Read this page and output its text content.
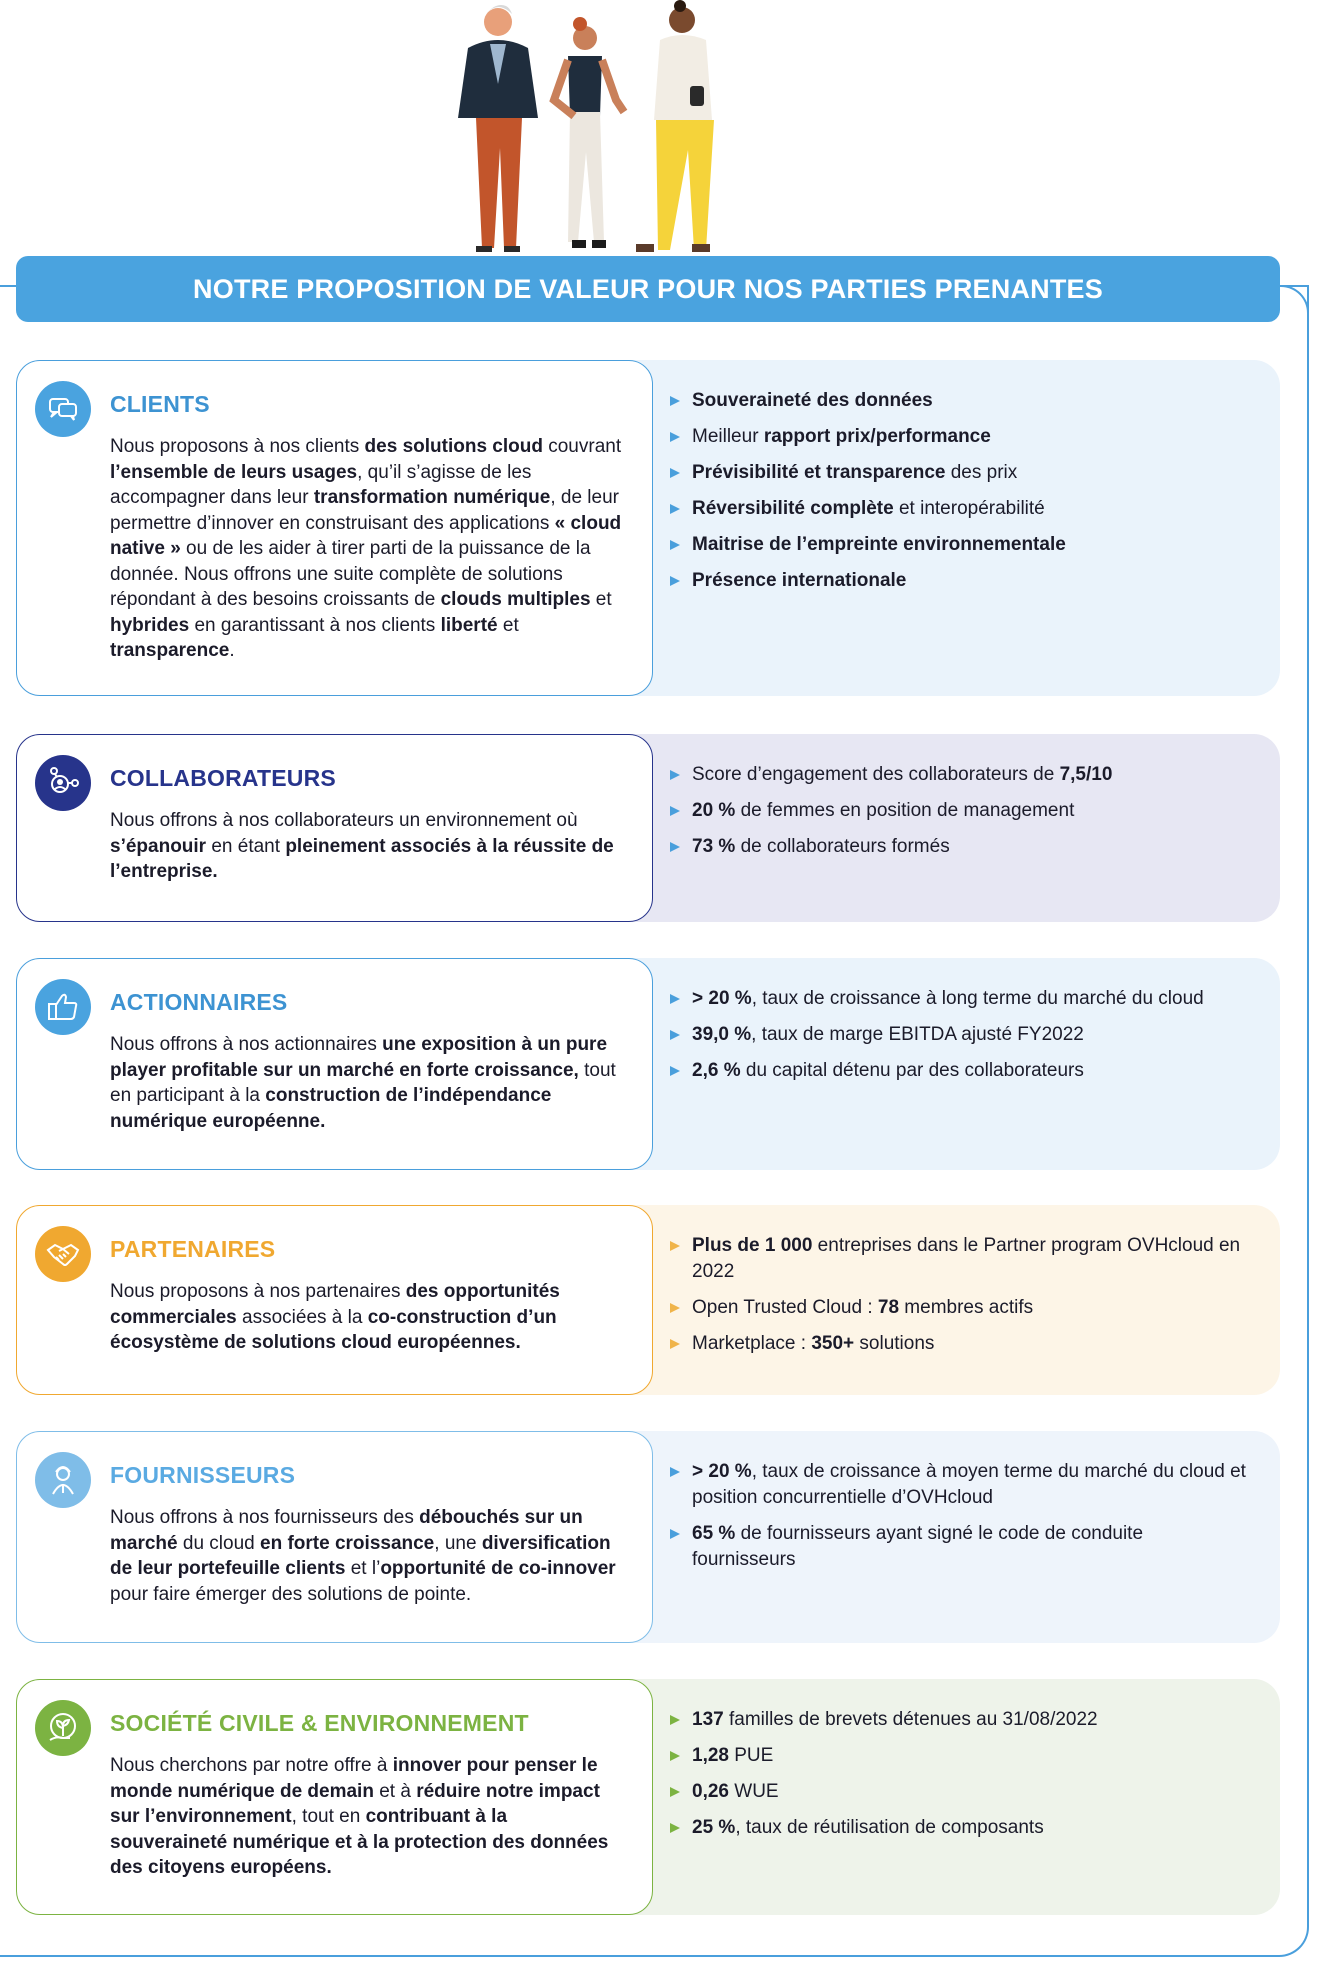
NOTRE PROPOSITION DE VALEUR POUR NOS PARTIES PRENANTES
Souveraineté des données
Meilleur rapport prix/performance
Prévisibilité et transparence des prix
Réversibilité complète et interopérabilité
Maitrise de l’empreinte environnementale
Présence internationale
CLIENTS

Nous proposons à nos clients des solutions cloud couvrant l’ensemble de leurs usages, qu’il s’agisse de les accompagner dans leur transformation numérique, de leur permettre d’innover en construisant des applications « cloud native » ou de les aider à tirer parti de la puissance de la donnée. Nous offrons une suite complète de solutions répondant à des besoins croissants de clouds multiples et hybrides en garantissant à nos clients liberté et transparence.

Score d’engagement des collaborateurs de 7,5/10
20 % de femmes en position de management
73 % de collaborateurs formés
COLLABORATEURS

Nous offrons à nos collaborateurs un environnement où s’épanouir en étant pleinement associés à la réussite de l’entreprise.

> 20 %, taux de croissance à long terme du marché du cloud
39,0 %, taux de marge EBITDA ajusté FY2022
2,6 % du capital détenu par des collaborateurs
ACTIONNAIRES

Nous offrons à nos actionnaires une exposition à un pure player profitable sur un marché en forte croissance, tout en participant à la construction de l’indépendance numérique européenne.

Plus de 1 000 entreprises dans le Partner program OVHcloud en 2022
Open Trusted Cloud : 78 membres actifs
Marketplace : 350+ solutions
PARTENAIRES

Nous proposons à nos partenaires des opportunités commerciales associées à la co-construction d’un écosystème de solutions cloud européennes.

> 20 %, taux de croissance à moyen terme du marché du cloud et position concurrentielle d’OVHcloud
65 % de fournisseurs ayant signé le code de conduite fournisseurs
FOURNISSEURS

Nous offrons à nos fournisseurs des débouchés sur un marché du cloud en forte croissance, une diversification de leur portefeuille clients et l’opportunité de co-innover pour faire émerger des solutions de pointe.

137 familles de brevets détenues au 31/08/2022
1,28 PUE
0,26 WUE
25 %, taux de réutilisation de composants
SOCIÉTÉ CIVILE & ENVIRONNEMENT

Nous cherchons par notre offre à innover pour penser le monde numérique de demain et à réduire notre impact sur l’environnement, tout en contribuant à la souveraineté numérique et à la protection des données des citoyens européens.
